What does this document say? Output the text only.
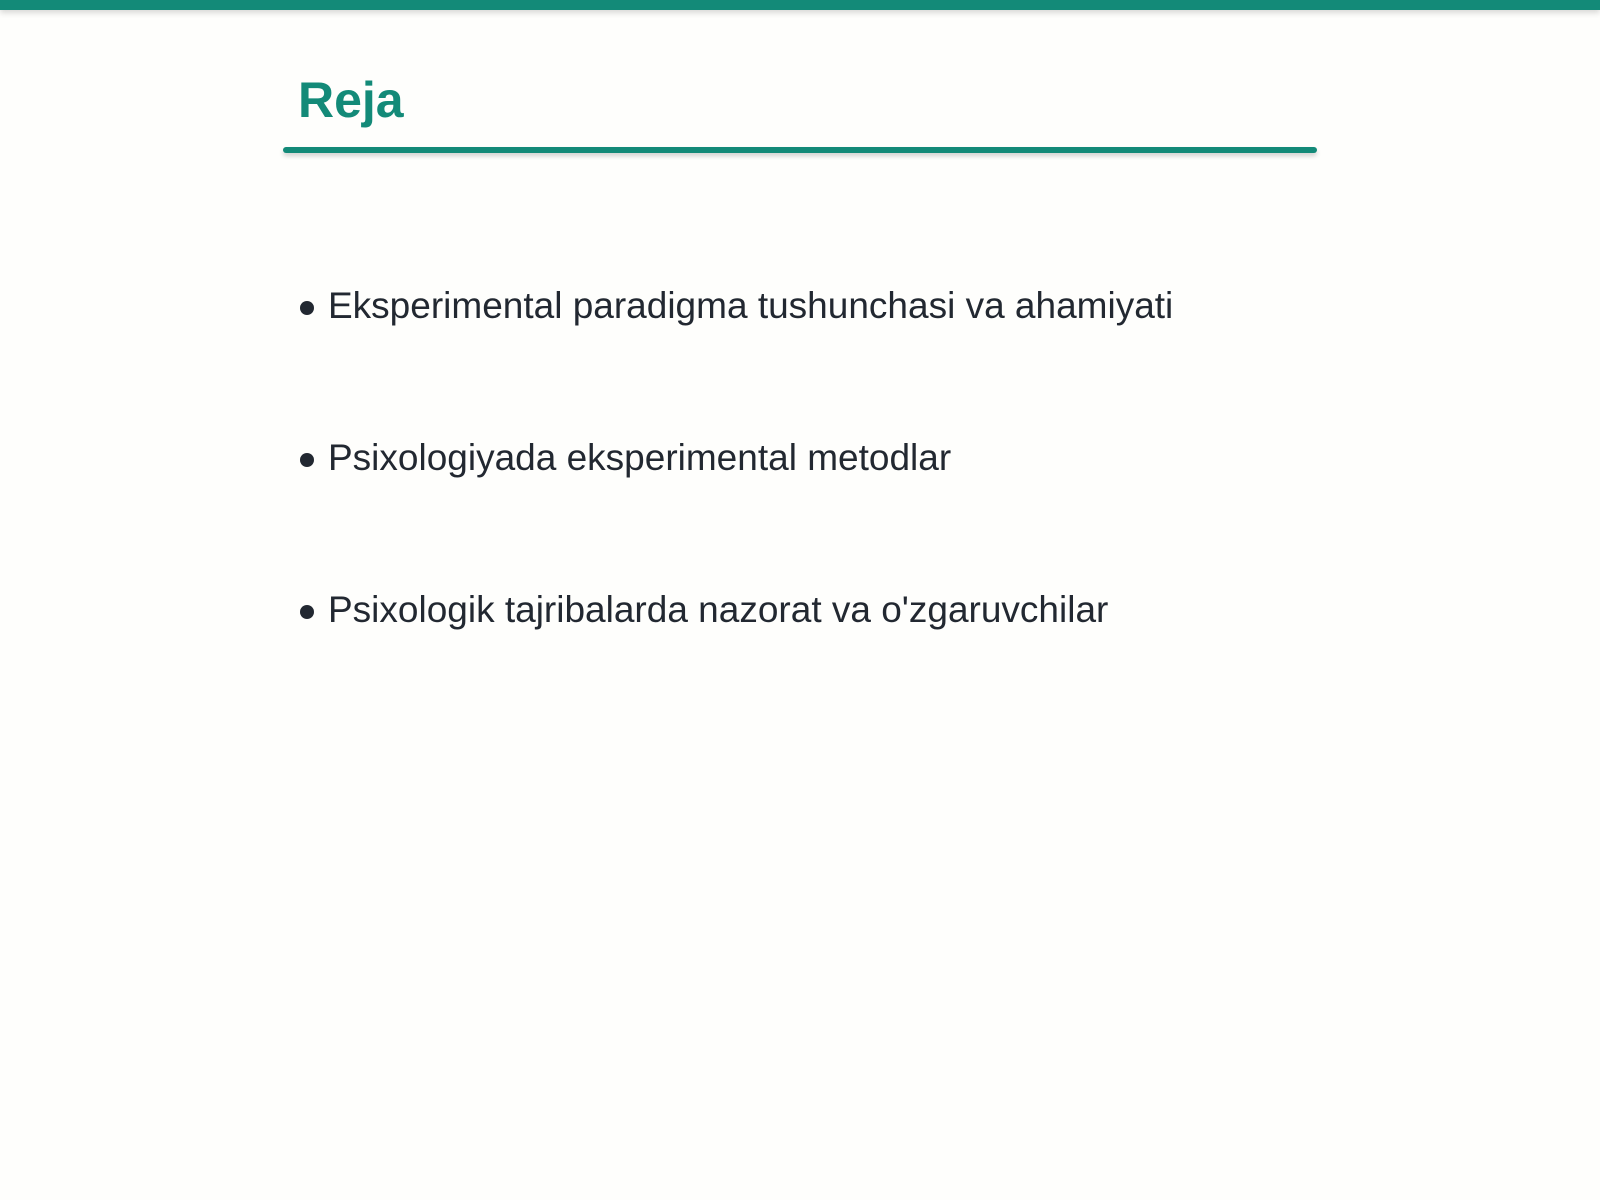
Reja
Eksperimental paradigma tushunchasi va ahamiyati
Psixologiyada eksperimental metodlar
Psixologik tajribalarda nazorat va o'zgaruvchilar
